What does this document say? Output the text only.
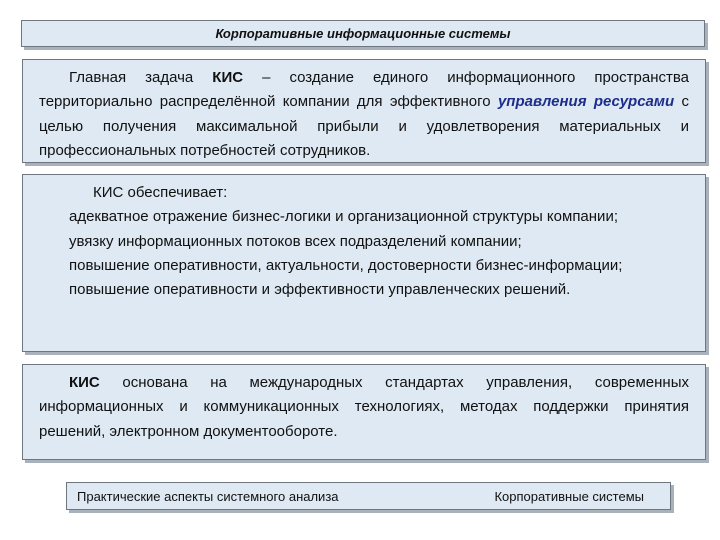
Корпоративные информационные системы

Главная задача КИС – создание единого информационного пространства территориально распределённой компании для эффективного управления ресурсами с целью получения максимальной прибыли и удовлетворения материальных и профессиональных потребностей сотрудников.

КИС обеспечивает:

адекватное отражение бизнес-логики и организационной структуры компании;

увязку информационных потоков всех подразделений компании;

повышение оперативности, актуальности, достоверности бизнес-информации;

повышение оперативности и эффективности управленческих решений.

КИС основана на международных стандартах управления, современных информационных и коммуникационных технологиях, методах поддержки принятия решений, электронном документообороте.

Практические аспекты системного анализа	Корпоративные системы
